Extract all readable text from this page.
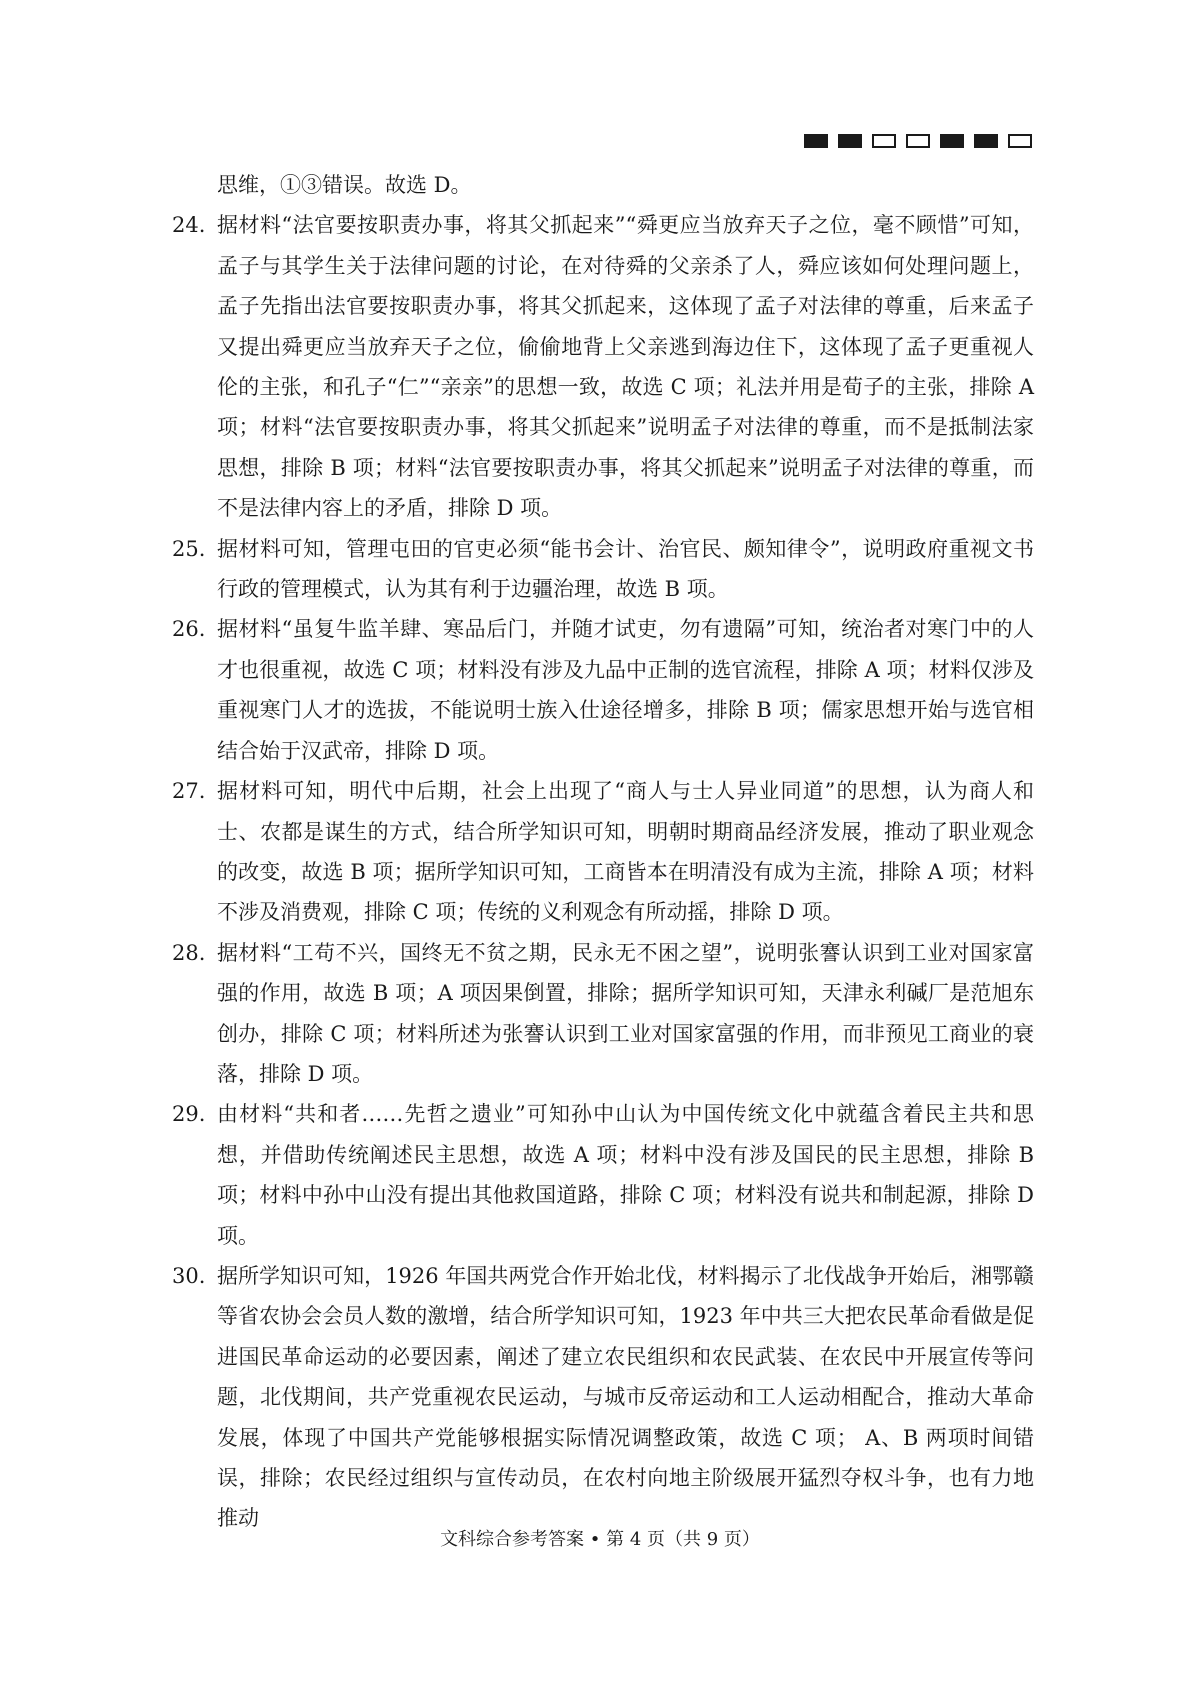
思维，①③错误。故选 D。
24. 据材料“法官要按职责办事，将其父抓起来”“舜更应当放弃天子之位，毫不顾惜”可知，孟子与其学生关于法律问题的讨论，在对待舜的父亲杀了人，舜应该如何处理问题上，孟子先指出法官要按职责办事，将其父抓起来，这体现了孟子对法律的尊重，后来孟子又提出舜更应当放弃天子之位，偷偷地背上父亲逃到海边住下，这体现了孟子更重视人伦的主张，和孔子“仁”“亲亲”的思想一致，故选 C 项；礼法并用是荀子的主张，排除 A 项；材料“法官要按职责办事，将其父抓起来”说明孟子对法律的尊重，而不是抵制法家思想，排除 B 项；材料“法官要按职责办事，将其父抓起来”说明孟子对法律的尊重，而不是法律内容上的矛盾，排除 D 项。
25. 据材料可知，管理屯田的官吏必须“能书会计、治官民、颇知律令”，说明政府重视文书行政的管理模式，认为其有利于边疆治理，故选 B 项。
26. 据材料“虽复牛监羊肆、寒品后门，并随才试吏，勿有遗隔”可知，统治者对寒门中的人才也很重视，故选 C 项；材料没有涉及九品中正制的选官流程，排除 A 项；材料仅涉及重视寒门人才的选拔，不能说明士族入仕途径增多，排除 B 项；儒家思想开始与选官相结合始于汉武帝，排除 D 项。
27. 据材料可知，明代中后期，社会上出现了“商人与士人异业同道”的思想，认为商人和士、农都是谋生的方式，结合所学知识可知，明朝时期商品经济发展，推动了职业观念的改变，故选 B 项；据所学知识可知，工商皆本在明清没有成为主流，排除 A 项；材料不涉及消费观，排除 C 项；传统的义利观念有所动摇，排除 D 项。
28. 据材料“工苟不兴，国终无不贫之期，民永无不困之望”，说明张謇认识到工业对国家富强的作用，故选 B 项；A 项因果倒置，排除；据所学知识可知，天津永利碱厂是范旭东创办，排除 C 项；材料所述为张謇认识到工业对国家富强的作用，而非预见工商业的衰落，排除 D 项。
29. 由材料“共和者……先哲之遗业”可知孙中山认为中国传统文化中就蕴含着民主共和思想，并借助传统阐述民主思想，故选 A 项；材料中没有涉及国民的民主思想，排除 B 项；材料中孙中山没有提出其他救国道路，排除 C 项；材料没有说共和制起源，排除 D 项。
30. 据所学知识可知，1926 年国共两党合作开始北伐，材料揭示了北伐战争开始后，湘鄂赣等省农协会会员人数的激增，结合所学知识可知，1923 年中共三大把农民革命看做是促进国民革命运动的必要因素，阐述了建立农民组织和农民武装、在农民中开展宣传等问题，北伐期间，共产党重视农民运动，与城市反帝运动和工人运动相配合，推动大革命发展，体现了中国共产党能够根据实际情况调整政策，故选 C 项； A、B 两项时间错误，排除；农民经过组织与宣传动员，在农村向地主阶级展开猛烈夺权斗争，也有力地推动
文科综合参考答案 • 第 4 页（共 9 页）
